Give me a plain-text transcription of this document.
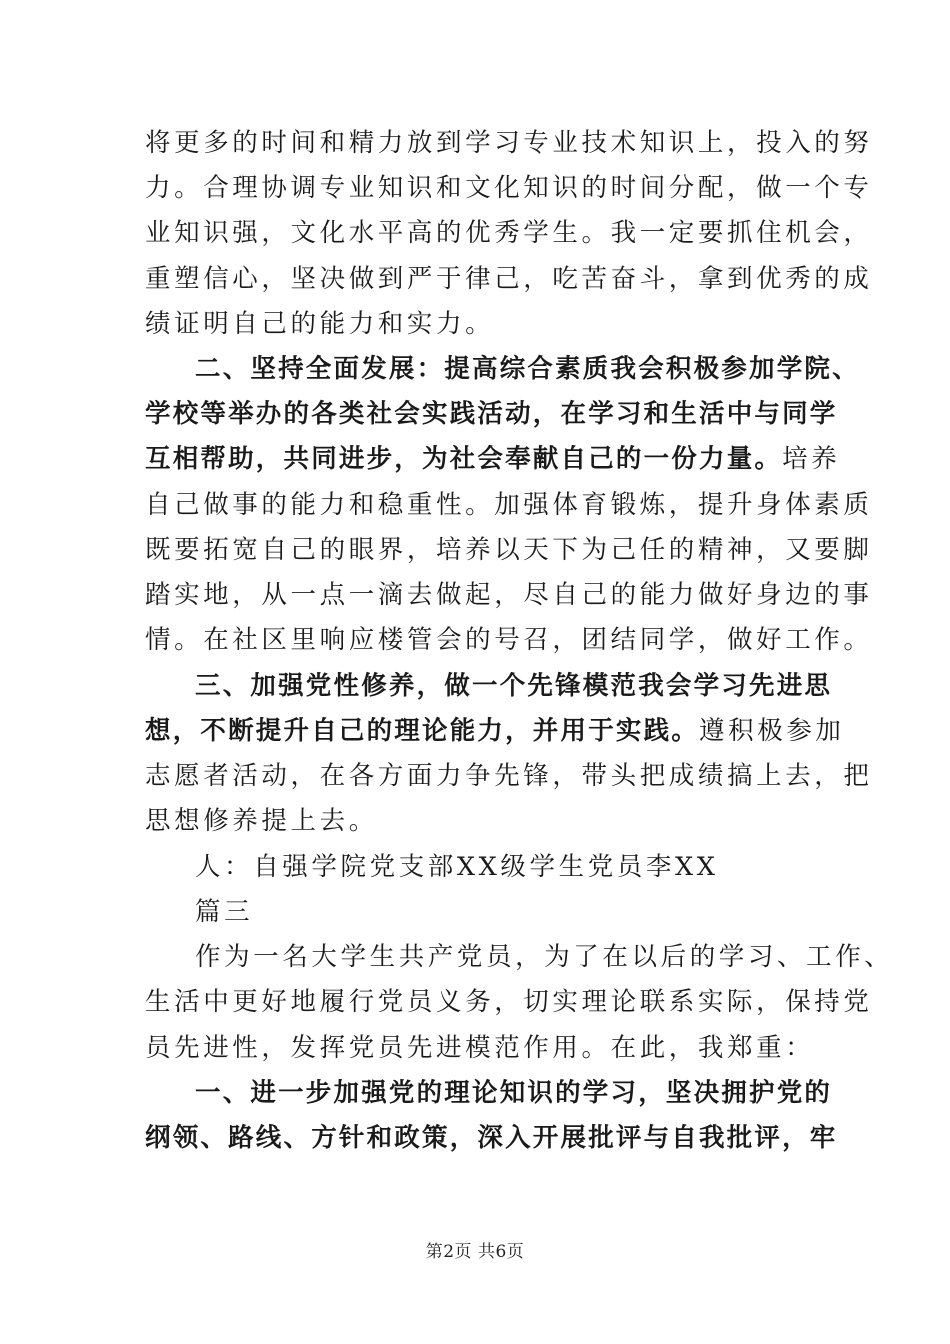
将更多的时间和精力放到学习专业技术知识上，投入的努
力。合理协调专业知识和文化知识的时间分配，做一个专
业知识强，文化水平高的优秀学生。我一定要抓住机会，
重塑信心，坚决做到严于律己，吃苦奋斗，拿到优秀的成
绩证明自己的能力和实力。
二、坚持全面发展：提高综合素质我会积极参加学院、
学校等举办的各类社会实践活动，在学习和生活中与同学
互相帮助，共同进步，为社会奉献自己的一份力量。培养
自己做事的能力和稳重性。加强体育锻炼，提升身体素质
既要拓宽自己的眼界，培养以天下为己任的精神，又要脚
踏实地，从一点一滴去做起，尽自己的能力做好身边的事
情。在社区里响应楼管会的号召，团结同学，做好工作。
三、加强党性修养，做一个先锋模范我会学习先进思
想，不断提升自己的理论能力，并用于实践。遵积极参加
志愿者活动，在各方面力争先锋，带头把成绩搞上去，把
思想修养提上去。
人：自强学院党支部XX级学生党员李XX
篇三
作为一名大学生共产党员，为了在以后的学习、工作、
生活中更好地履行党员义务，切实理论联系实际，保持党
员先进性，发挥党员先进模范作用。在此，我郑重：
一、进一步加强党的理论知识的学习，坚决拥护党的
纲领、路线、方针和政策，深入开展批评与自我批评，牢
第2页 共6页
